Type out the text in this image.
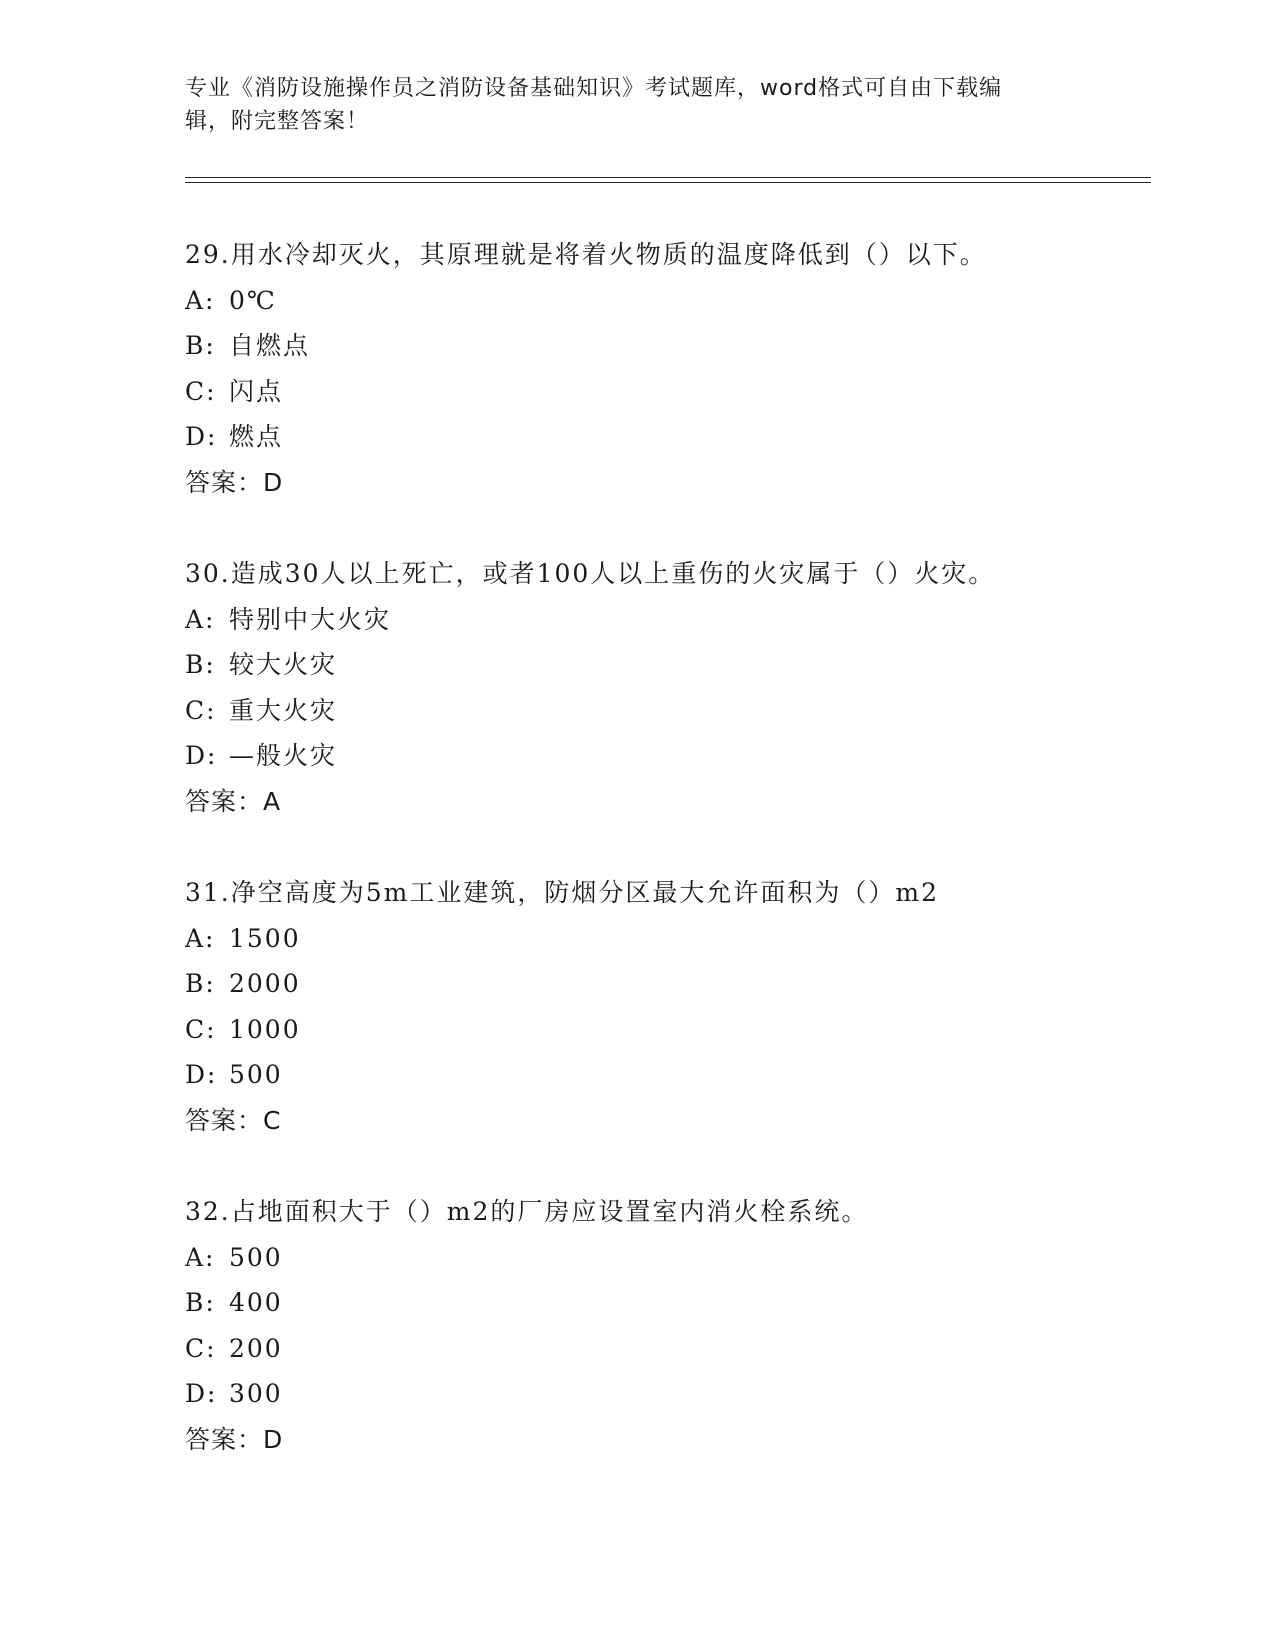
专业《消防设施操作员之消防设备基础知识》考试题库，word格式可自由下载编
辑，附完整答案！
29.用水冷却灭火，其原理就是将着火物质的温度降低到（）以下。
A: 0℃
B: 自燃点
C: 闪点
D: 燃点
答案：D
30.造成30人以上死亡，或者100人以上重伤的火灾属于（）火灾。
A: 特别中大火灾
B: 较大火灾
C: 重大火灾
D: —般火灾
答案：A
31.净空高度为5m工业建筑，防烟分区最大允许面积为（）m2
A: 1500
B: 2000
C: 1000
D: 500
答案：C
32.占地面积大于（）m2的厂房应设置室内消火栓系统。
A: 500
B: 400
C: 200
D: 300
答案：D
